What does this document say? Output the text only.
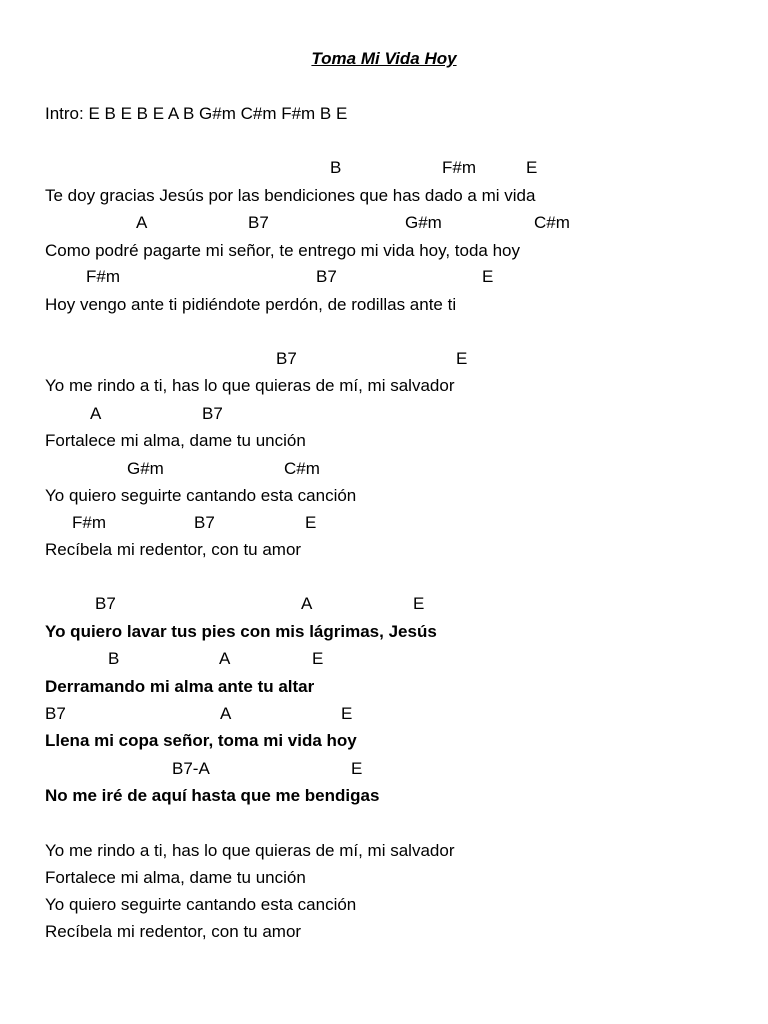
Toma Mi Vida Hoy
Intro: E B E B E A B G#m C#m F#m B E
B	F#m	E
Te doy gracias Jesús por las bendiciones que has dado a mi vida
A	B7	G#m	C#m
Como podré pagarte mi señor, te entrego mi vida hoy, toda hoy
F#m	B7	E
Hoy vengo ante ti pidiéndote perdón, de rodillas ante ti
B7	E
Yo me rindo a ti, has lo que quieras de mí, mi salvador
A	B7
Fortalece mi alma, dame tu unción
G#m	C#m
Yo quiero seguirte cantando esta canción
F#m	B7	E
Recíbela mi redentor, con tu amor
B7	A	E
Yo quiero lavar tus pies con mis lágrimas, Jesús
B	A	E
Derramando mi alma ante tu altar
B7	A	E
Llena mi copa señor, toma mi vida hoy
B7-A	E
No me iré de aquí hasta que me bendigas
Yo me rindo a ti, has lo que quieras de mí, mi salvador
Fortalece mi alma, dame tu unción
Yo quiero seguirte cantando esta canción
Recíbela mi redentor, con tu amor
